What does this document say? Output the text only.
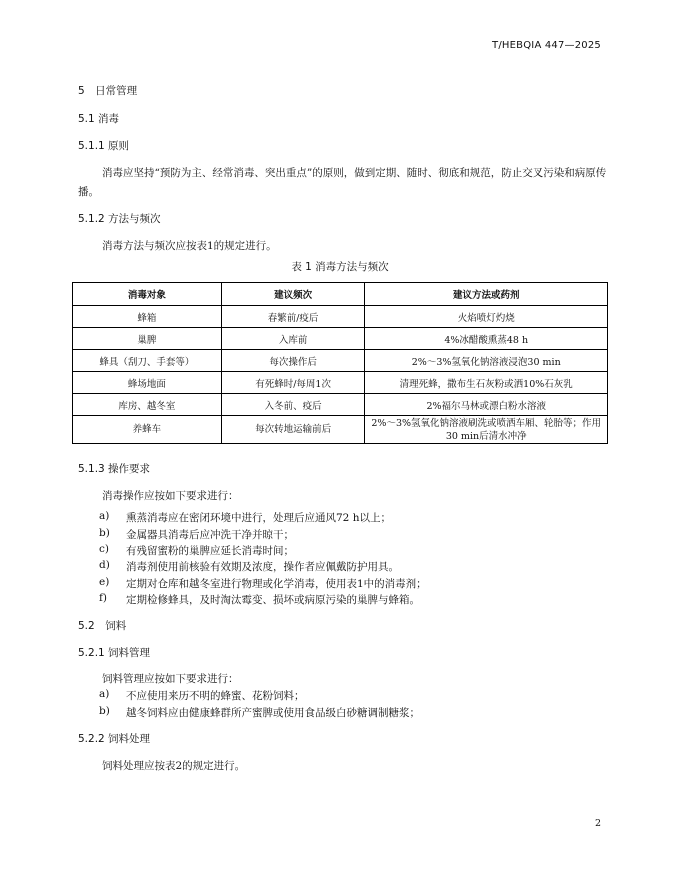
T/HEBQIA 447—2025
5　日常管理
5.1 消毒
5.1.1 原则
消毒应坚持“预防为主、经常消毒、突出重点”的原则，做到定期、随时、彻底和规范，防止交叉污染和病原传播。
5.1.2 方法与频次
消毒方法与频次应按表1的规定进行。
表 1 消毒方法与频次
消毒对象	建议频次	建议方法或药剂
蜂箱	春繁前/疫后	火焰喷灯灼烧
巢脾	入库前	4%冰醋酸熏蒸48 h
蜂具（刮刀、手套等）	每次操作后	2%～3%氢氧化钠溶液浸泡30 min
蜂场地面	有死蜂时/每周1次	清理死蜂，撒布生石灰粉或洒10%石灰乳
库房、越冬室	入冬前、疫后	2%福尔马林或漂白粉水溶液
养蜂车	每次转地运输前后	2%～3%氢氧化钠溶液刷洗或喷洒车厢、轮胎等；作用30 min后清水冲净
5.1.3 操作要求
消毒操作应按如下要求进行：
a) 熏蒸消毒应在密闭环境中进行，处理后应通风72 h以上；
b) 金属器具消毒后应冲洗干净并晾干；
c) 有残留蜜粉的巢脾应延长消毒时间；
d) 消毒剂使用前核验有效期及浓度，操作者应佩戴防护用具。
e) 定期对仓库和越冬室进行物理或化学消毒，使用表1中的消毒剂；
f) 定期检修蜂具，及时淘汰霉变、损坏或病原污染的巢脾与蜂箱。
5.2　饲料
5.2.1 饲料管理
饲料管理应按如下要求进行：
a) 不应使用来历不明的蜂蜜、花粉饲料；
b) 越冬饲料应由健康蜂群所产蜜脾或使用食品级白砂糖调制糖浆；
5.2.2 饲料处理
饲料处理应按表2的规定进行。
2
